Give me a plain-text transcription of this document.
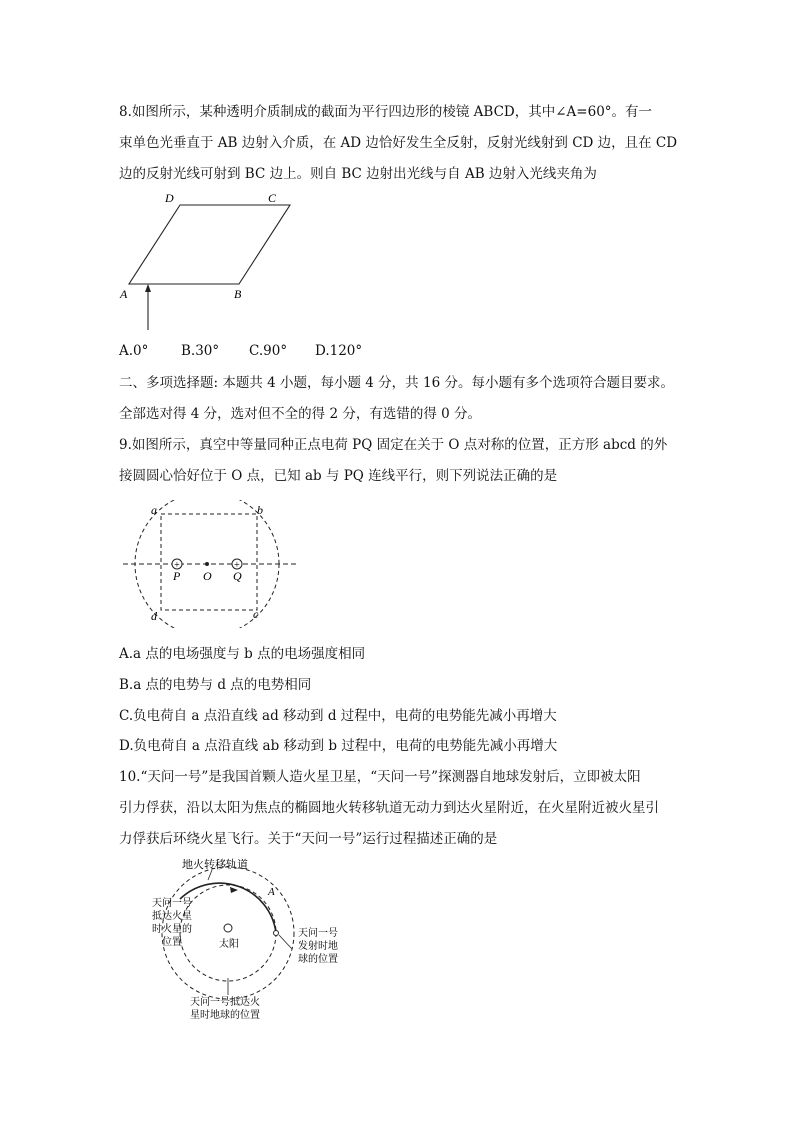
8.如图所示，某种透明介质制成的截面为平行四边形的棱镜 ABCD，其中∠A=60°。有一
束单色光垂直于 AB 边射入介质，在 AD 边恰好发生全反射，反射光线射到 CD 边，且在 CD
边的反射光线可射到 BC 边上。则自 BC 边射出光线与自 AB 边射入光线夹角为
A	B
C
D
A.0° B.30° C.90° D.120°
二、多项选择题: 本题共 4 小题，每小题 4 分，共 16 分。每小题有多个选项符合题目要求。
全部选对得 4 分，选对但不全的得 2 分，有选错的得 0 分。
9.如图所示，真空中等量同种正点电荷 PQ 固定在关于 O 点对称的位置，正方形 abcd 的外
接圆圆心恰好位于 O 点，已知 ab 与 PQ 连线平行，则下列说法正确的是
+	+
a	b
c
d
P O Q
A.a 点的电场强度与 b 点的电场强度相同
B.a 点的电势与 d 点的电势相同
C.负电荷自 a 点沿直线 ad 移动到 d 过程中，电荷的电势能先减小再增大
D.负电荷自 a 点沿直线 ab 移动到 b 过程中，电荷的电势能先减小再增大
10.“天问一号”是我国首颗人造火星卫星，“天问一号”探测器自地球发射后，立即被太阳
引力俘获，沿以太阳为焦点的椭圆地火转移轨道无动力到达火星附近，在火星附近被火星引
力俘获后环绕火星飞行。关于“天问一号”运行过程描述正确的是
地火转移轨道
A
太阳
天问一号
抵达火星
时火星的
位置
天问一号
发射时地
球的位置
天问一号抵达火
星时地球的位置
